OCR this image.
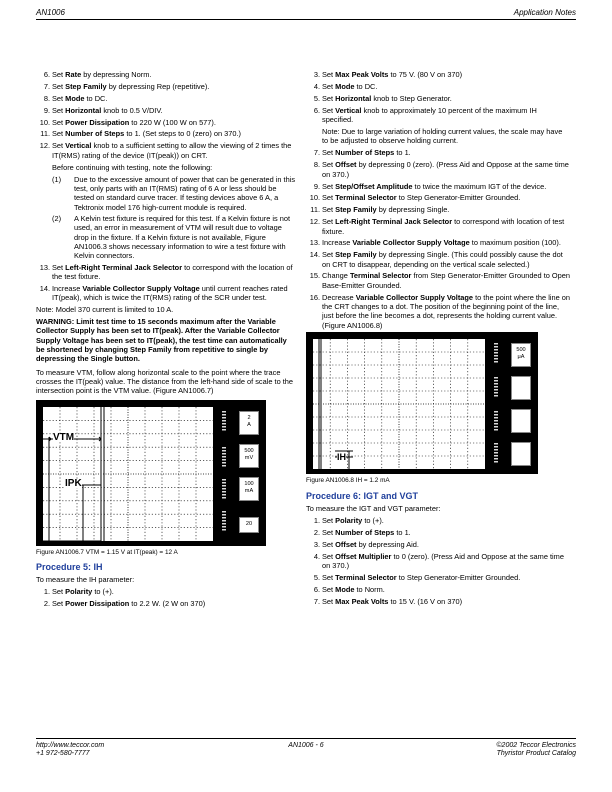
AN1006	Application Notes
6 . Set Rate by depressing Norm.
7 . Set Step Family by depressing Rep (repetitive).
8 . Set Mode to DC.
9 . Set Horizontal knob to 0.5 V/DIV.
10 . Set Power Dissipation to 220 W (100 W on 577).
11 . Set Number of Steps to 1. (Set steps to 0 (zero) on 370.)
12 . Set Vertical knob to a sufficient setting to allow the viewing of 2 times the IT(RMS) rating of the device (IT(peak)) on CRT.
Before continuing with testing, note the following:
(1) Due to the excessive amount of power that can be generated in this test, only parts with an IT(RMS) rating of 6 A or less should be tested on standard curve tracer. If testing devices above 6 A, a Tektronix model 176 high-current module is required.
(2) A Kelvin test fixture is required for this test. If a Kelvin fixture is not used, an error in measurement of VTM will result due to voltage drop in the fixture. If a Kelvin fixture is not available, Figure AN1006.3 shows necessary information to wire a test fixture with Kelvin connectors.
13 . Set Left-Right Terminal Jack Selector to correspond with the location of the test fixture.
14 . Increase Variable Collector Supply Voltage until current reaches rated IT(peak), which is twice the IT(RMS) rating of the SCR under test.
Note: Model 370 current is limited to 10 A.
WARNING: Limit test time to 15 seconds maximum after the Variable Collector Supply has been set to IT(peak). After the Variable Collector Supply Voltage has been set to IT(peak), the test time can automatically be shortened by changing Step Family from repetitive to single by depressing the Single button.
To measure VTM, follow along horizontal scale to the point where the trace crosses the IT(peak) value. The distance from the left-hand side of scale to the intersection point is the VTM value. (Figure AN1006.7)
VTM
IPK
2
A
500
mV
100
mA
20
Figure AN1006.7 VTM = 1.15 V at IT(peak) = 12 A
Procedure 5: IH
To measure the IH parameter:
1 . Set Polarity to (+).
2 . Set Power Dissipation to 2.2 W. (2 W on 370)
3 . Set Max Peak Volts to 75 V. (80 V on 370)
4 . Set Mode to DC.
5 . Set Horizontal knob to Step Generator.
6 . Set Vertical knob to approximately 10 percent of the maximum IH specified.
Note: Due to large variation of holding current values, the scale may have to be adjusted to observe holding current.
7 . Set Number of Steps to 1.
8 . Set Offset by depressing 0 (zero). (Press Aid and Oppose at the same time on 370.)
9 . Set Step/Offset Amplitude to twice the maximum IGT of the device.
10 . Set Terminal Selector to Step Generator-Emitter Grounded.
11 . Set Step Family by depressing Single.
12 . Set Left-Right Terminal Jack Selector to correspond with location of test fixture.
13 . Increase Variable Collector Supply Voltage to maximum position (100).
14 . Set Step Family by depressing Single. (This could possibly cause the dot on CRT to disappear, depending on the vertical scale selected.)
15 . Change Terminal Selector from Step Generator-Emitter Grounded to Open Base-Emitter Grounded.
16 . Decrease Variable Collector Supply Voltage to the point where the line on the CRT changes to a dot. The position of the beginning point of the line, just before the line becomes a dot, represents the holding current value. (Figure AN1006.8)
IH
500
μA
Figure AN1006.8 IH = 1.2 mA
Procedure 6: IGT and VGT
To measure the IGT and VGT parameter:
1 . Set Polarity to (+).
2 . Set Number of Steps to 1.
3 . Set Offset by depressing Aid.
4 . Set Offset Multiplier to 0 (zero). (Press Aid and Oppose at the same time on 370.)
5 . Set Terminal Selector to Step Generator-Emitter Grounded.
6 . Set Mode to Norm.
7 . Set Max Peak Volts to 15 V. (16 V on 370)
http://www.teccor.com
+1 972-580-7777
AN1006 - 6	©2002 Teccor Electronics
Thyristor Product Catalog
